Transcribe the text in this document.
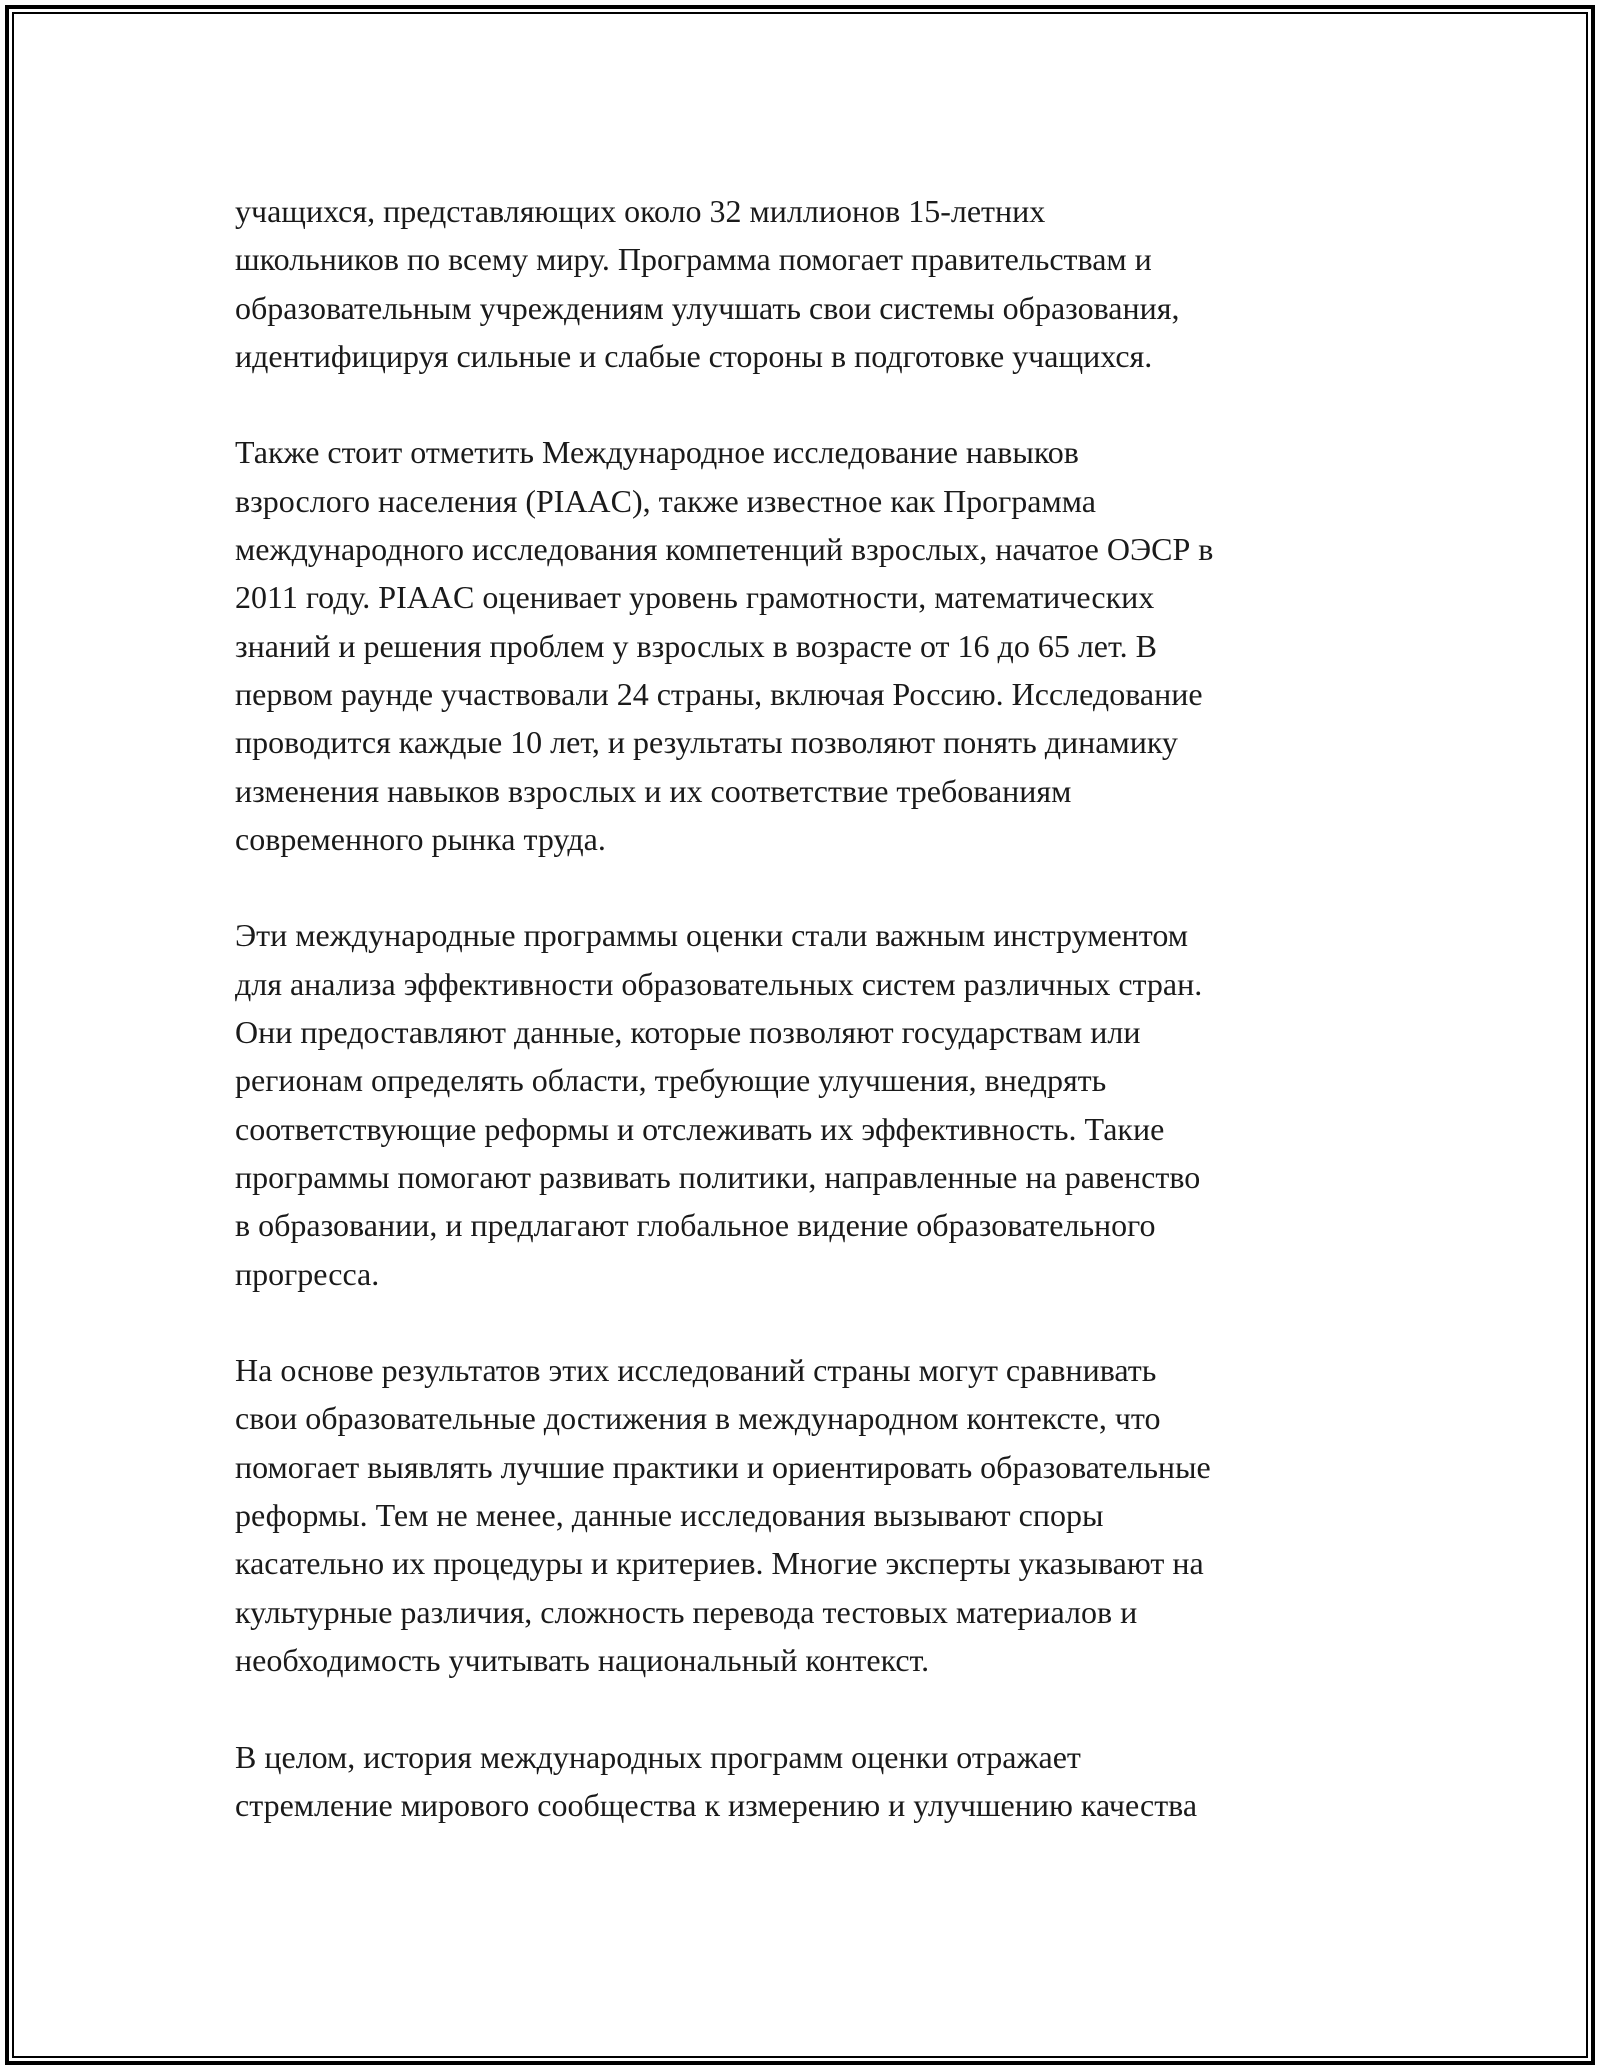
учащихся, представляющих около 32 миллионов 15-летних
школьников по всему миру. Программа помогает правительствам и
образовательным учреждениям улучшать свои системы образования,
идентифицируя сильные и слабые стороны в подготовке учащихся.

Также стоит отметить Международное исследование навыков
взрослого населения (PIAAC), также известное как Программа
международного исследования компетенций взрослых, начатое ОЭСР в
2011 году. PIAAC оценивает уровень грамотности, математических
знаний и решения проблем у взрослых в возрасте от 16 до 65 лет. В
первом раунде участвовали 24 страны, включая Россию. Исследование
проводится каждые 10 лет, и результаты позволяют понять динамику
изменения навыков взрослых и их соответствие требованиям
современного рынка труда.

Эти международные программы оценки стали важным инструментом
для анализа эффективности образовательных систем различных стран.
Они предоставляют данные, которые позволяют государствам или
регионам определять области, требующие улучшения, внедрять
соответствующие реформы и отслеживать их эффективность. Такие
программы помогают развивать политики, направленные на равенство
в образовании, и предлагают глобальное видение образовательного
прогресса.

На основе результатов этих исследований страны могут сравнивать
свои образовательные достижения в международном контексте, что
помогает выявлять лучшие практики и ориентировать образовательные
реформы. Тем не менее, данные исследования вызывают споры
касательно их процедуры и критериев. Многие эксперты указывают на
культурные различия, сложность перевода тестовых материалов и
необходимость учитывать национальный контекст.

В целом, история международных программ оценки отражает
стремление мирового сообщества к измерению и улучшению качества
